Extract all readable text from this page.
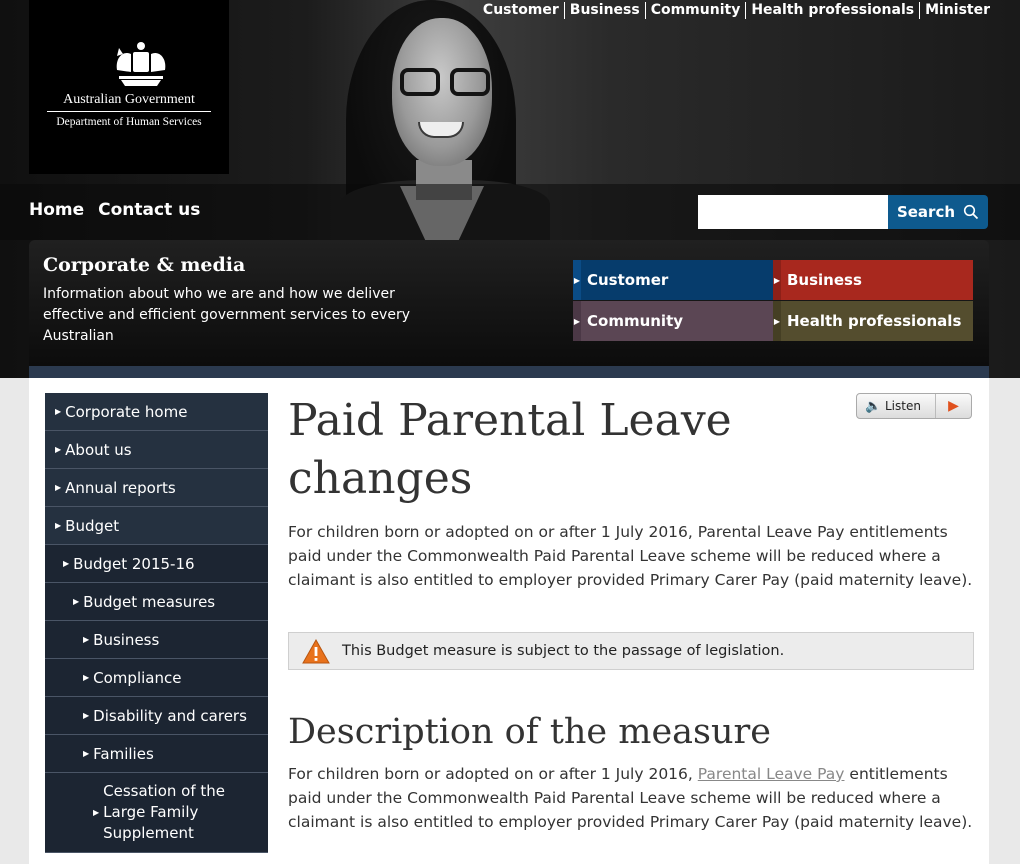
Australian Government
Department of Human Services
Customer Business Community Health professionals Minister
Home Contact us	Search
Corporate & media

Information about who we are and how we deliver effective and efficient government services to every Australian

▶ Customer	▶ Business
▶ Community	▶ Health professionals
▶ Corporate home
▶ About us
▶ Annual reports
▶ Budget
▶ Budget 2015-16
▶ Budget measures
▶ Business
▶ Compliance
▶ Disability and carers
▶ Families
▶
Cessation of the Large Family Supplement
🔈 Listen	▶
Paid Parental Leave changes

For children born or adopted on or after 1 July 2016, Parental Leave Pay entitlements paid under the Commonwealth Paid Parental Leave scheme will be reduced where a claimant is also entitled to employer provided Primary Carer Pay (paid maternity leave).

This Budget measure is subject to the passage of legislation.
Description of the measure

For children born or adopted on or after 1 July 2016, Parental Leave Pay entitlements paid under the Commonwealth Paid Parental Leave scheme will be reduced where a claimant is also entitled to employer provided Primary Carer Pay (paid maternity leave).
